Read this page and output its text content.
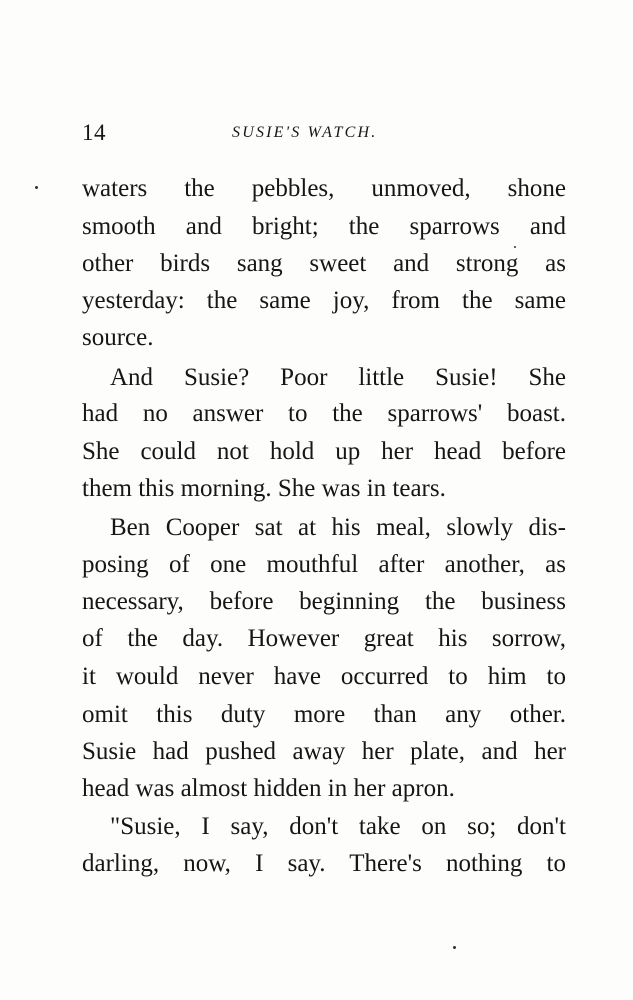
14	SUSIE'S WATCH.
waters the pebbles, unmoved, shone
smooth and bright; the sparrows and
other birds sang sweet and strong as
yesterday: the same joy, from the same
source.
And Susie? Poor little Susie! She
had no answer to the sparrows' boast.
She could not hold up her head before
them this morning. She was in tears.
Ben Cooper sat at his meal, slowly dis-
posing of one mouthful after another, as
necessary, before beginning the business
of the day. However great his sorrow,
it would never have occurred to him to
omit this duty more than any other.
Susie had pushed away her plate, and her
head was almost hidden in her apron.
"Susie, I say, don't take on so; don't
darling, now, I say. There's nothing to
